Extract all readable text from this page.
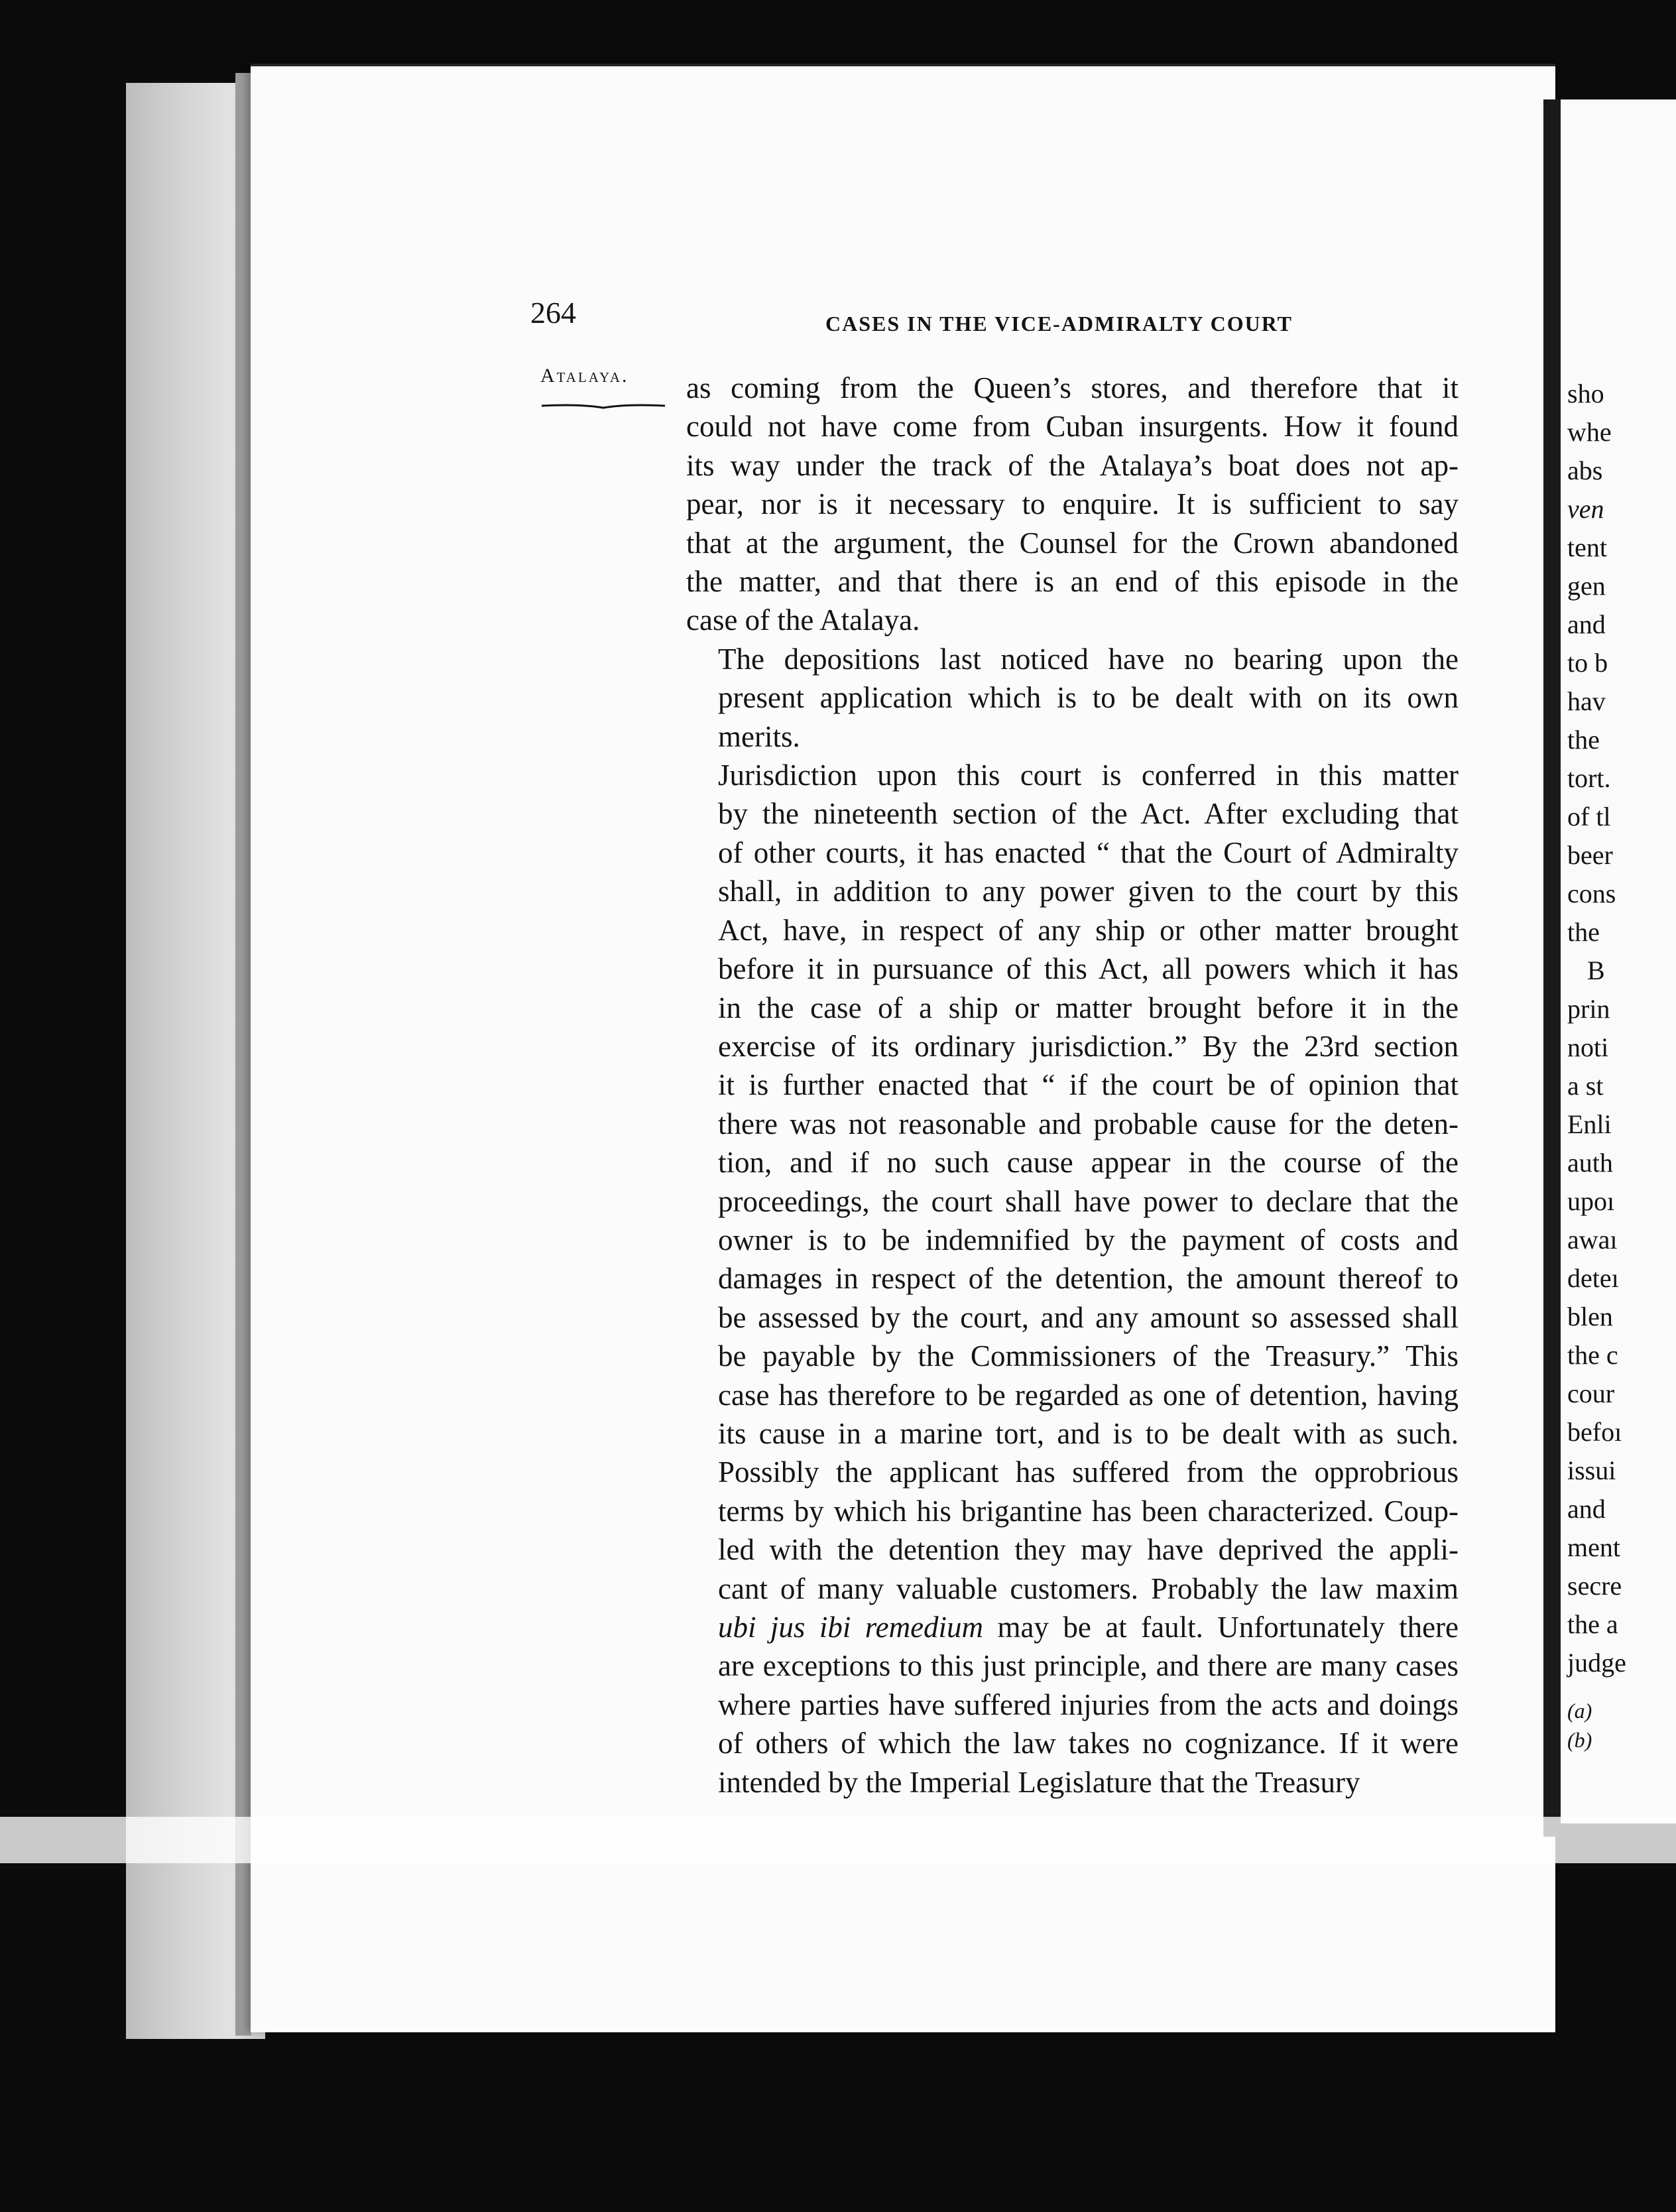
sho

whe

abs

ven

tent

gen

and

to b

hav

the

tort.

of tl

beer

cons

the

B

prin

noti

a st

Enli

auth

upoı

awaı

deteı

blen

the c

cour

befoı

issui

and

ment

secre

the a

judge

(a)

(b)

264	CASES IN THE VICE-ADMIRALTY COURT

Atalaya. as coming from the Queen’s stores, and therefore that it
could not have come from Cuban insurgents. How it found
its way under the track of the Atalaya’s boat does not ap-
pear, nor is it necessary to enquire. It is sufficient to say
that at the argument, the Counsel for the Crown abandoned
the matter, and that there is an end of this episode in the
case of the Atalaya.

The depositions last noticed have no bearing upon the
present application which is to be dealt with on its own
merits.

Jurisdiction upon this court is conferred in this matter
by the nineteenth section of the Act. After excluding that
of other courts, it has enacted “ that the Court of Admiralty
shall, in addition to any power given to the court by this
Act, have, in respect of any ship or other matter brought
before it in pursuance of this Act, all powers which it has
in the case of a ship or matter brought before it in the
exercise of its ordinary jurisdiction.” By the 23rd section
it is further enacted that “ if the court be of opinion that
there was not reasonable and probable cause for the deten-
tion, and if no such cause appear in the course of the
proceedings, the court shall have power to declare that the
owner is to be indemnified by the payment of costs and
damages in respect of the detention, the amount thereof to
be assessed by the court, and any amount so assessed shall
be payable by the Commissioners of the Treasury.” This
case has therefore to be regarded as one of detention, having
its cause in a marine tort, and is to be dealt with as such.
Possibly the applicant has suffered from the opprobrious
terms by which his brigantine has been characterized. Coup-
led with the detention they may have deprived the appli-
cant of many valuable customers. Probably the law maxim
ubi jus ibi remedium may be at fault. Unfortunately there
are exceptions to this just principle, and there are many cases
where parties have suffered injuries from the acts and doings
of others of which the law takes no cognizance. If it were
intended by the Imperial Legislature that the Treasury
